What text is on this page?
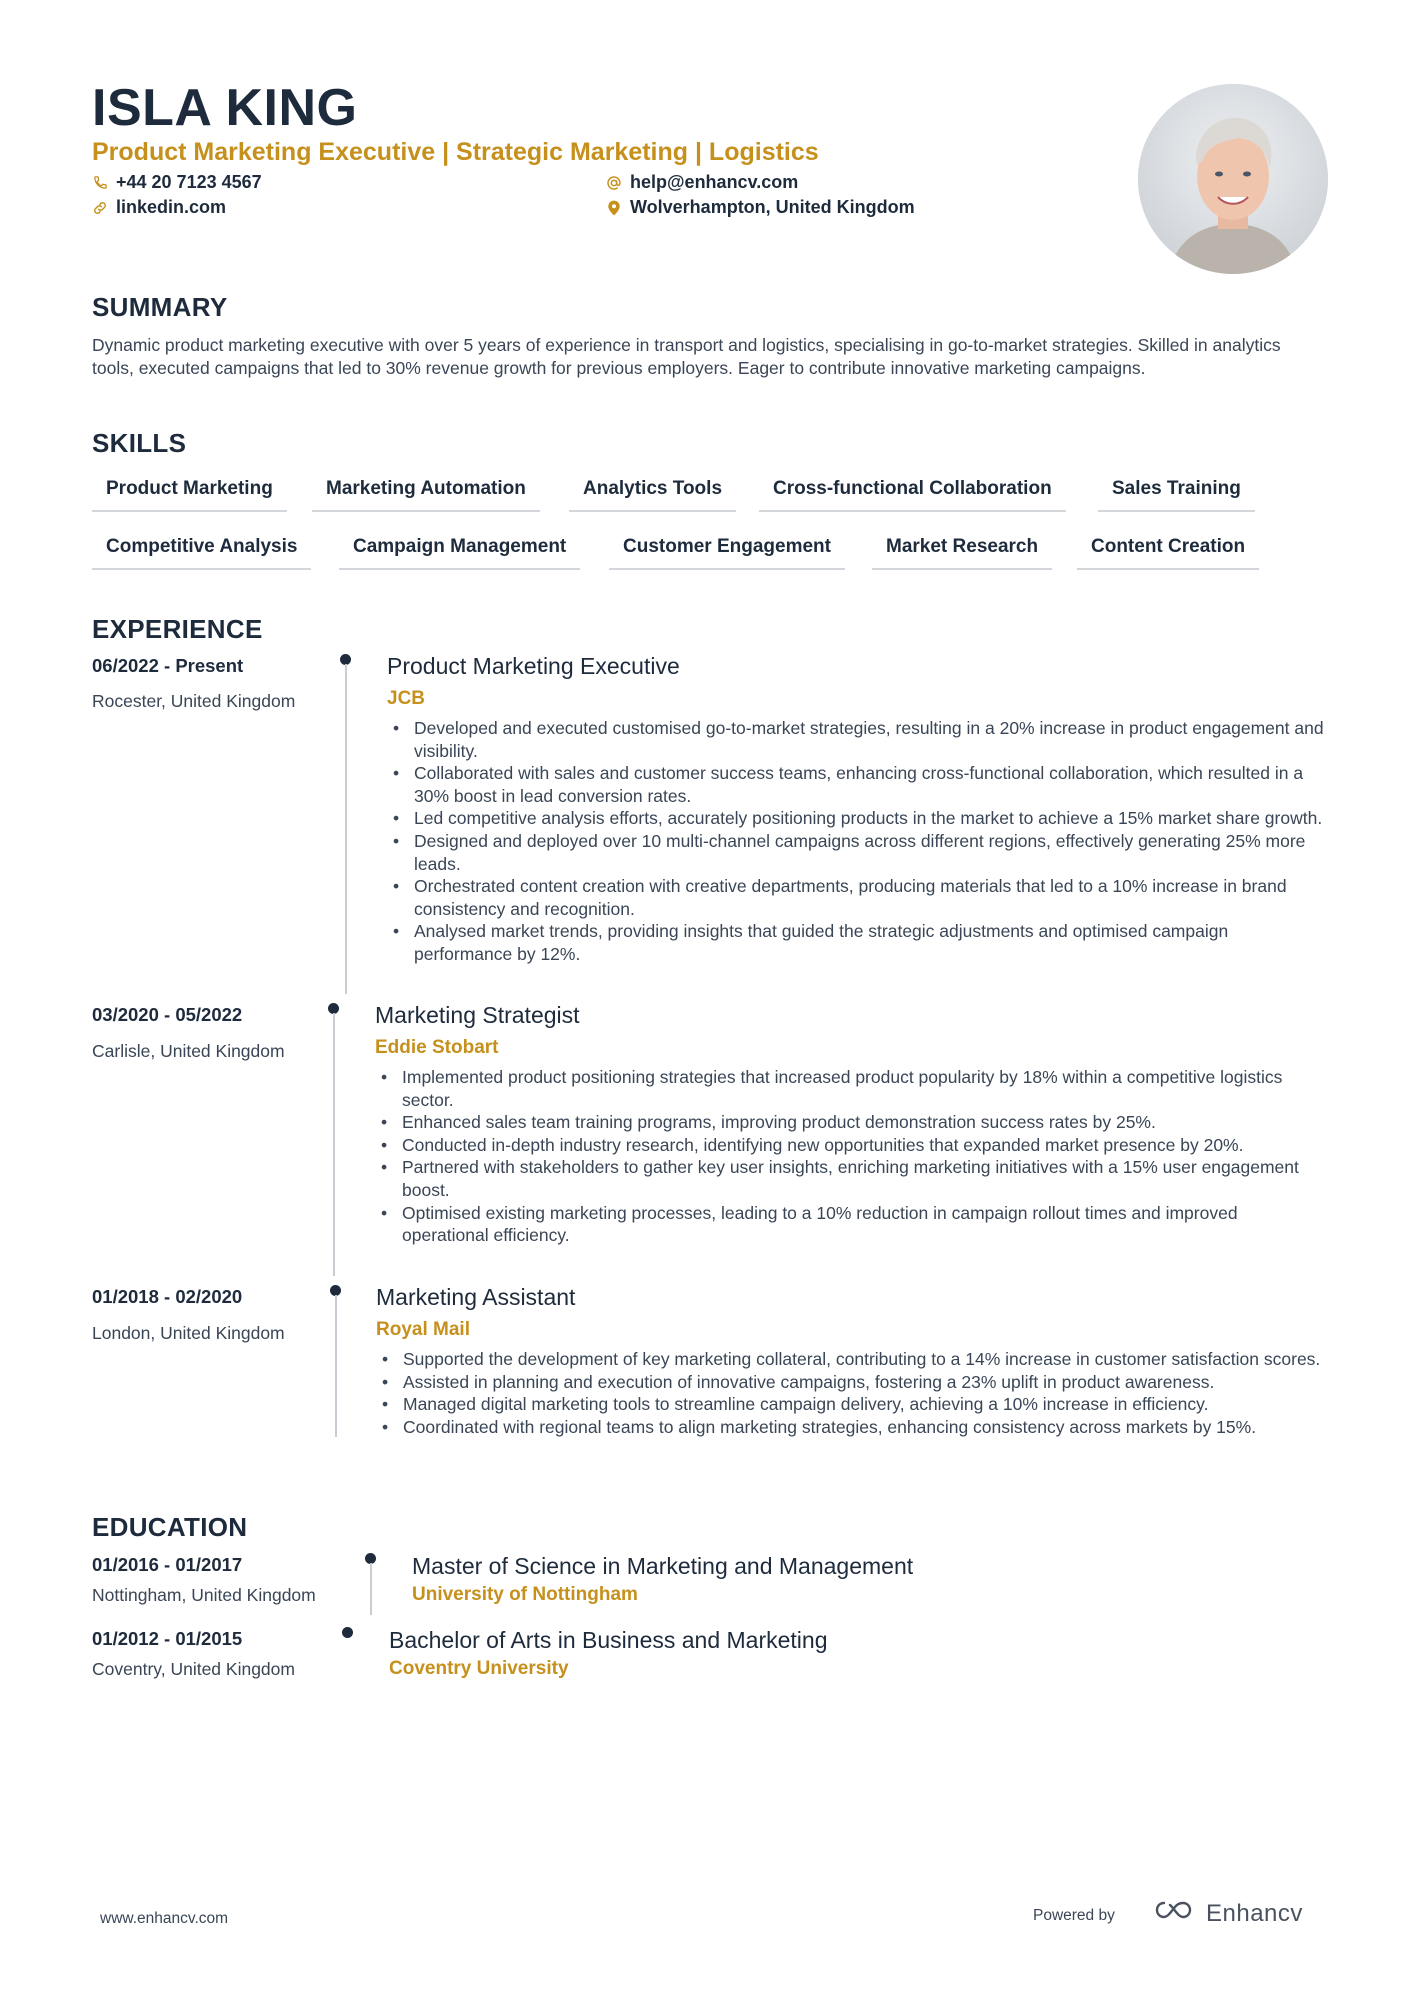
ISLA KING
Product Marketing Executive | Strategic Marketing | Logistics
+44 20 7123 4567	help@enhancv.com
linkedin.com	Wolverhampton, United Kingdom
SUMMARY
Dynamic product marketing executive with over 5 years of experience in transport and logistics, specialising in go-to-market strategies. Skilled in analytics tools, executed campaigns that led to 30% revenue growth for previous employers. Eager to contribute innovative marketing campaigns.
SKILLS
Product Marketing	Marketing Automation	Analytics Tools	Cross-functional Collaboration	Sales Training
Competitive Analysis	Campaign Management	Customer Engagement	Market Research	Content Creation
EXPERIENCE
06/2022 - Present
Rocester, United Kingdom
Product Marketing Executive
JCB
• Developed and executed customised go-to-market strategies, resulting in a 20% increase in product engagement and visibility.
• Collaborated with sales and customer success teams, enhancing cross-functional collaboration, which resulted in a 30% boost in lead conversion rates.
• Led competitive analysis efforts, accurately positioning products in the market to achieve a 15% market share growth.
• Designed and deployed over 10 multi-channel campaigns across different regions, effectively generating 25% more leads.
• Orchestrated content creation with creative departments, producing materials that led to a 10% increase in brand consistency and recognition.
• Analysed market trends, providing insights that guided the strategic adjustments and optimised campaign performance by 12%.
03/2020 - 05/2022
Carlisle, United Kingdom
Marketing Strategist
Eddie Stobart
• Implemented product positioning strategies that increased product popularity by 18% within a competitive logistics sector.
• Enhanced sales team training programs, improving product demonstration success rates by 25%.
• Conducted in-depth industry research, identifying new opportunities that expanded market presence by 20%.
• Partnered with stakeholders to gather key user insights, enriching marketing initiatives with a 15% user engagement boost.
• Optimised existing marketing processes, leading to a 10% reduction in campaign rollout times and improved operational efficiency.
01/2018 - 02/2020
London, United Kingdom
Marketing Assistant
Royal Mail
• Supported the development of key marketing collateral, contributing to a 14% increase in customer satisfaction scores.
• Assisted in planning and execution of innovative campaigns, fostering a 23% uplift in product awareness.
• Managed digital marketing tools to streamline campaign delivery, achieving a 10% increase in efficiency.
• Coordinated with regional teams to align marketing strategies, enhancing consistency across markets by 15%.
EDUCATION
01/2016 - 01/2017
Nottingham, United Kingdom
Master of Science in Marketing and Management
University of Nottingham
01/2012 - 01/2015
Coventry, United Kingdom
Bachelor of Arts in Business and Marketing
Coventry University
www.enhancv.com	Powered by	Enhancv
